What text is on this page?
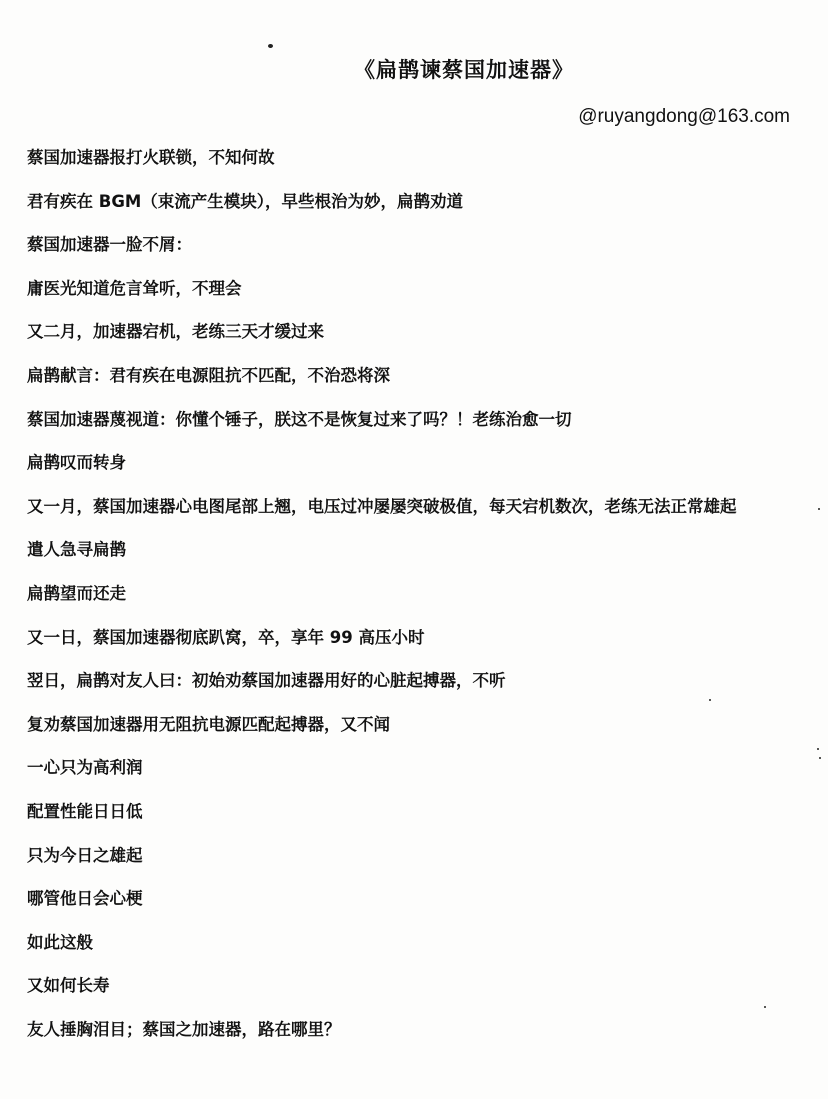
《扁鹊谏蔡国加速器》
@ruyangdong@163.com
蔡国加速器报打火联锁，不知何故
君有疾在 BGM（束流产生模块），早些根治为妙，扁鹊劝道
蔡国加速器一脸不屑：
庸医光知道危言耸听，不理会
又二月，加速器宕机，老练三天才缓过来
扁鹊献言：君有疾在电源阻抗不匹配，不治恐将深
蔡国加速器蔑视道：你懂个锤子，朕这不是恢复过来了吗？！老练治愈一切
扁鹊叹而转身
又一月，蔡国加速器心电图尾部上翘，电压过冲屡屡突破极值，每天宕机数次，老练无法正常雄起
遣人急寻扁鹊
扁鹊望而还走
又一日，蔡国加速器彻底趴窝，卒，享年 99 高压小时
翌日，扁鹊对友人曰：初始劝蔡国加速器用好的心脏起搏器，不听
复劝蔡国加速器用无阻抗电源匹配起搏器，又不闻
一心只为高利润
配置性能日日低
只为今日之雄起
哪管他日会心梗
如此这般
又如何长寿
友人捶胸泪目；蔡国之加速器，路在哪里？
